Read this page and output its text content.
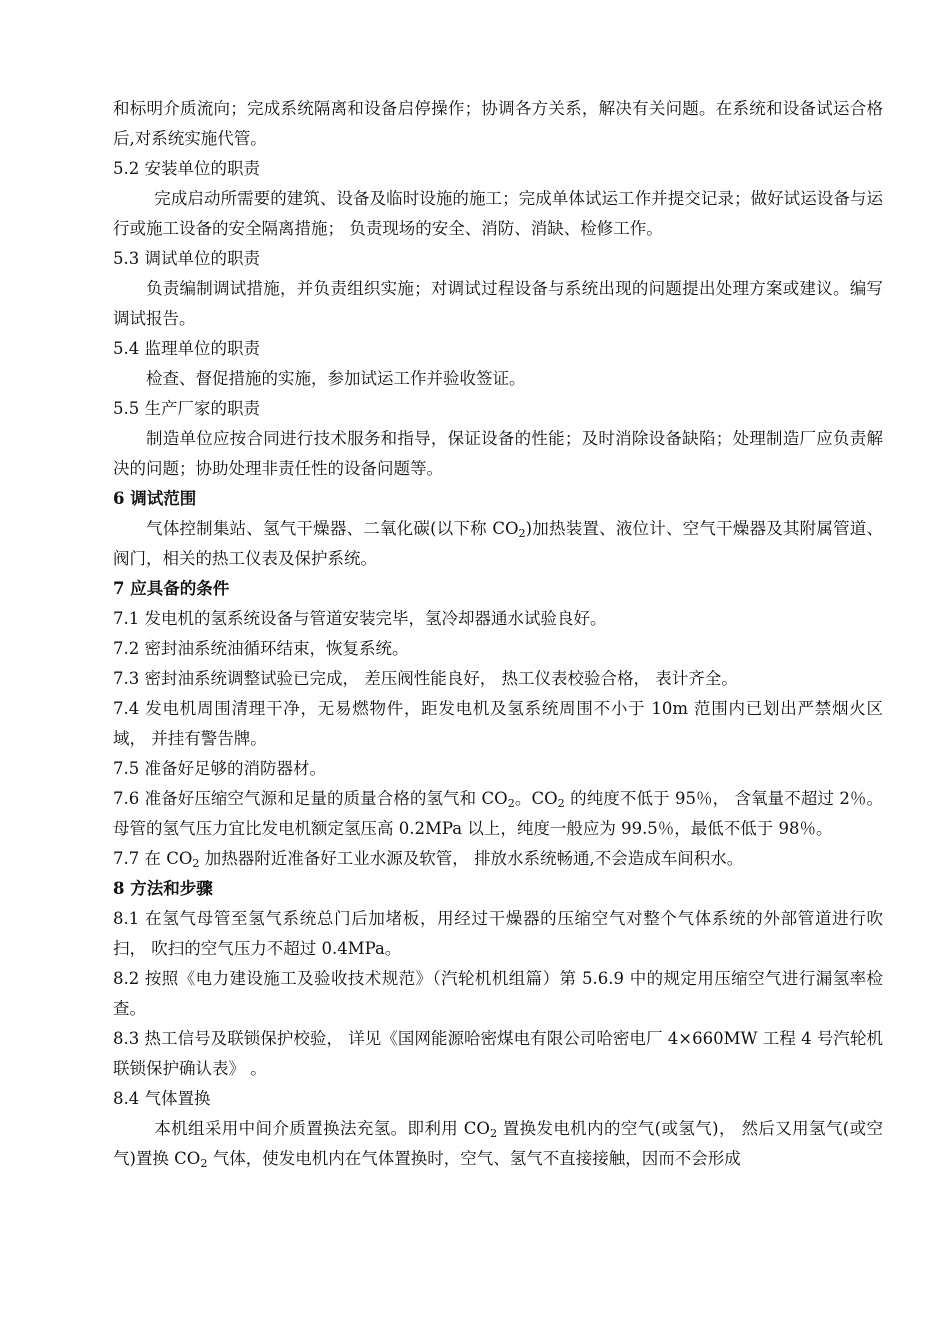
和标明介质流向；完成系统隔离和设备启停操作；协调各方关系，解决有关问题。在系统和设备试运合格后,对系统实施代管。

5.2 安装单位的职责

完成启动所需要的建筑、设备及临时设施的施工；完成单体试运工作并提交记录；做好试运设备与运行或施工设备的安全隔离措施； 负责现场的安全、消防、消缺、检修工作。

5.3 调试单位的职责

负责编制调试措施，并负责组织实施；对调试过程设备与系统出现的问题提出处理方案或建议。编写调试报告。

5.4 监理单位的职责

检查、督促措施的实施，参加试运工作并验收签证。

5.5 生产厂家的职责

制造单位应按合同进行技术服务和指导，保证设备的性能；及时消除设备缺陷；处理制造厂应负责解决的问题；协助处理非责任性的设备问题等。

6 调试范围

气体控制集站、氢气干燥器、二氧化碳(以下称 $CO_2$)加热装置、液位计、空气干燥器及其附属管道、阀门，相关的热工仪表及保护系统。

7 应具备的条件

7.1 发电机的氢系统设备与管道安装完毕，氢冷却器通水试验良好。

7.2 密封油系统油循环结束，恢复系统。

7.3 密封油系统调整试验已完成， 差压阀性能良好， 热工仪表校验合格， 表计齐全。

7.4 发电机周围清理干净，无易燃物件，距发电机及氢系统周围不小于 10m 范围内已划出严禁烟火区域， 并挂有警告牌。

7.5 准备好足够的消防器材。

7.6 准备好压缩空气源和足量的质量合格的氢气和 $CO_2$。$CO_2$ 的纯度不低于 95％， 含氧量不超过 2％。母管的氢气压力宜比发电机额定氢压高 0.2MPa 以上，纯度一般应为 99.5％，最低不低于 98％。

7.7 在 $CO_2$ 加热器附近准备好工业水源及软管， 排放水系统畅通,不会造成车间积水。

8 方法和步骤

8.1 在氢气母管至氢气系统总门后加堵板，用经过干燥器的压缩空气对整个气体系统的外部管道进行吹扫， 吹扫的空气压力不超过 0.4MPa。

8.2 按照《电力建设施工及验收技术规范》（汽轮机机组篇）第 5.6.9 中的规定用压缩空气进行漏氢率检查。

8.3 热工信号及联锁保护校验， 详见《国网能源哈密煤电有限公司哈密电厂 4×660MW 工程 4 号汽轮机联锁保护确认表》 。

8.4 气体置换

本机组采用中间介质置换法充氢。即利用 $CO_2$ 置换发电机内的空气(或氢气)， 然后又用氢气(或空气)置换 $CO_2$ 气体，使发电机内在气体置换时，空气、氢气不直接接触，因而不会形成
